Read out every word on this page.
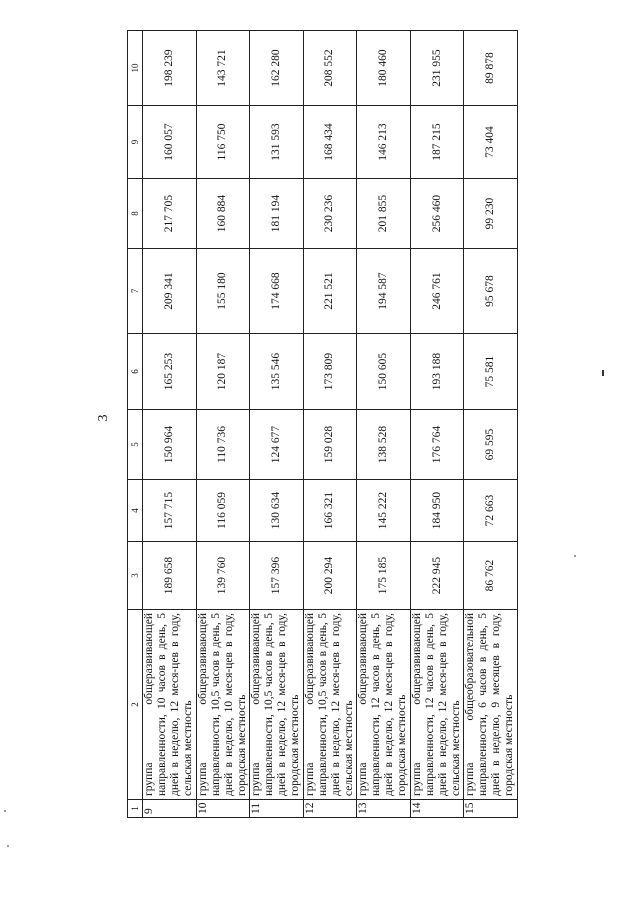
3
1	2	3	4	5	6	7	8	9	10
9	группа общеразвивающей направленности, 10 часов в день, 5 дней в неделю, 12 меся-цев в году, сельская местность	189 658	157 715	150 964	165 253	209 341	217 705	160 057	198 239
10	группа общеразвивающей направленности, 10,5 часов в день, 5 дней в неделю, 10 меся-цев в году, городская местность	139 760	116 059	110 736	120 187	155 180	160 884	116 750	143 721
11	группа общеразвивающей направленности, 10,5 часов в день, 5 дней в неделю, 12 меся-цев в году, городская местность	157 396	130 634	124 677	135 546	174 668	181 194	131 593	162 280
12	группа общеразвивающей направленности, 10,5 часов в день, 5 дней в неделю, 12 меся-цев в году, сельская местность	200 294	166 321	159 028	173 809	221 521	230 236	168 434	208 552
13	группа общеразвивающей направленности, 12 часов в день, 5 дней в неделю, 12 меся-цев в году, городская местность	175 185	145 222	138 528	150 605	194 587	201 855	146 213	180 460
14	группа общеразвивающей направленности, 12 часов в день, 5 дней в неделю, 12 меся-цев в году, сельская местность	222 945	184 950	176 764	193 188	246 761	256 460	187 215	231 955
15	группа общеобразовательной направленности, 6 часов в день, 5 дней в неделю, 9 месяцев в году, городская местность	86 762	72 663	69 595	75 581	95 678	99 230	73 404	89 878
